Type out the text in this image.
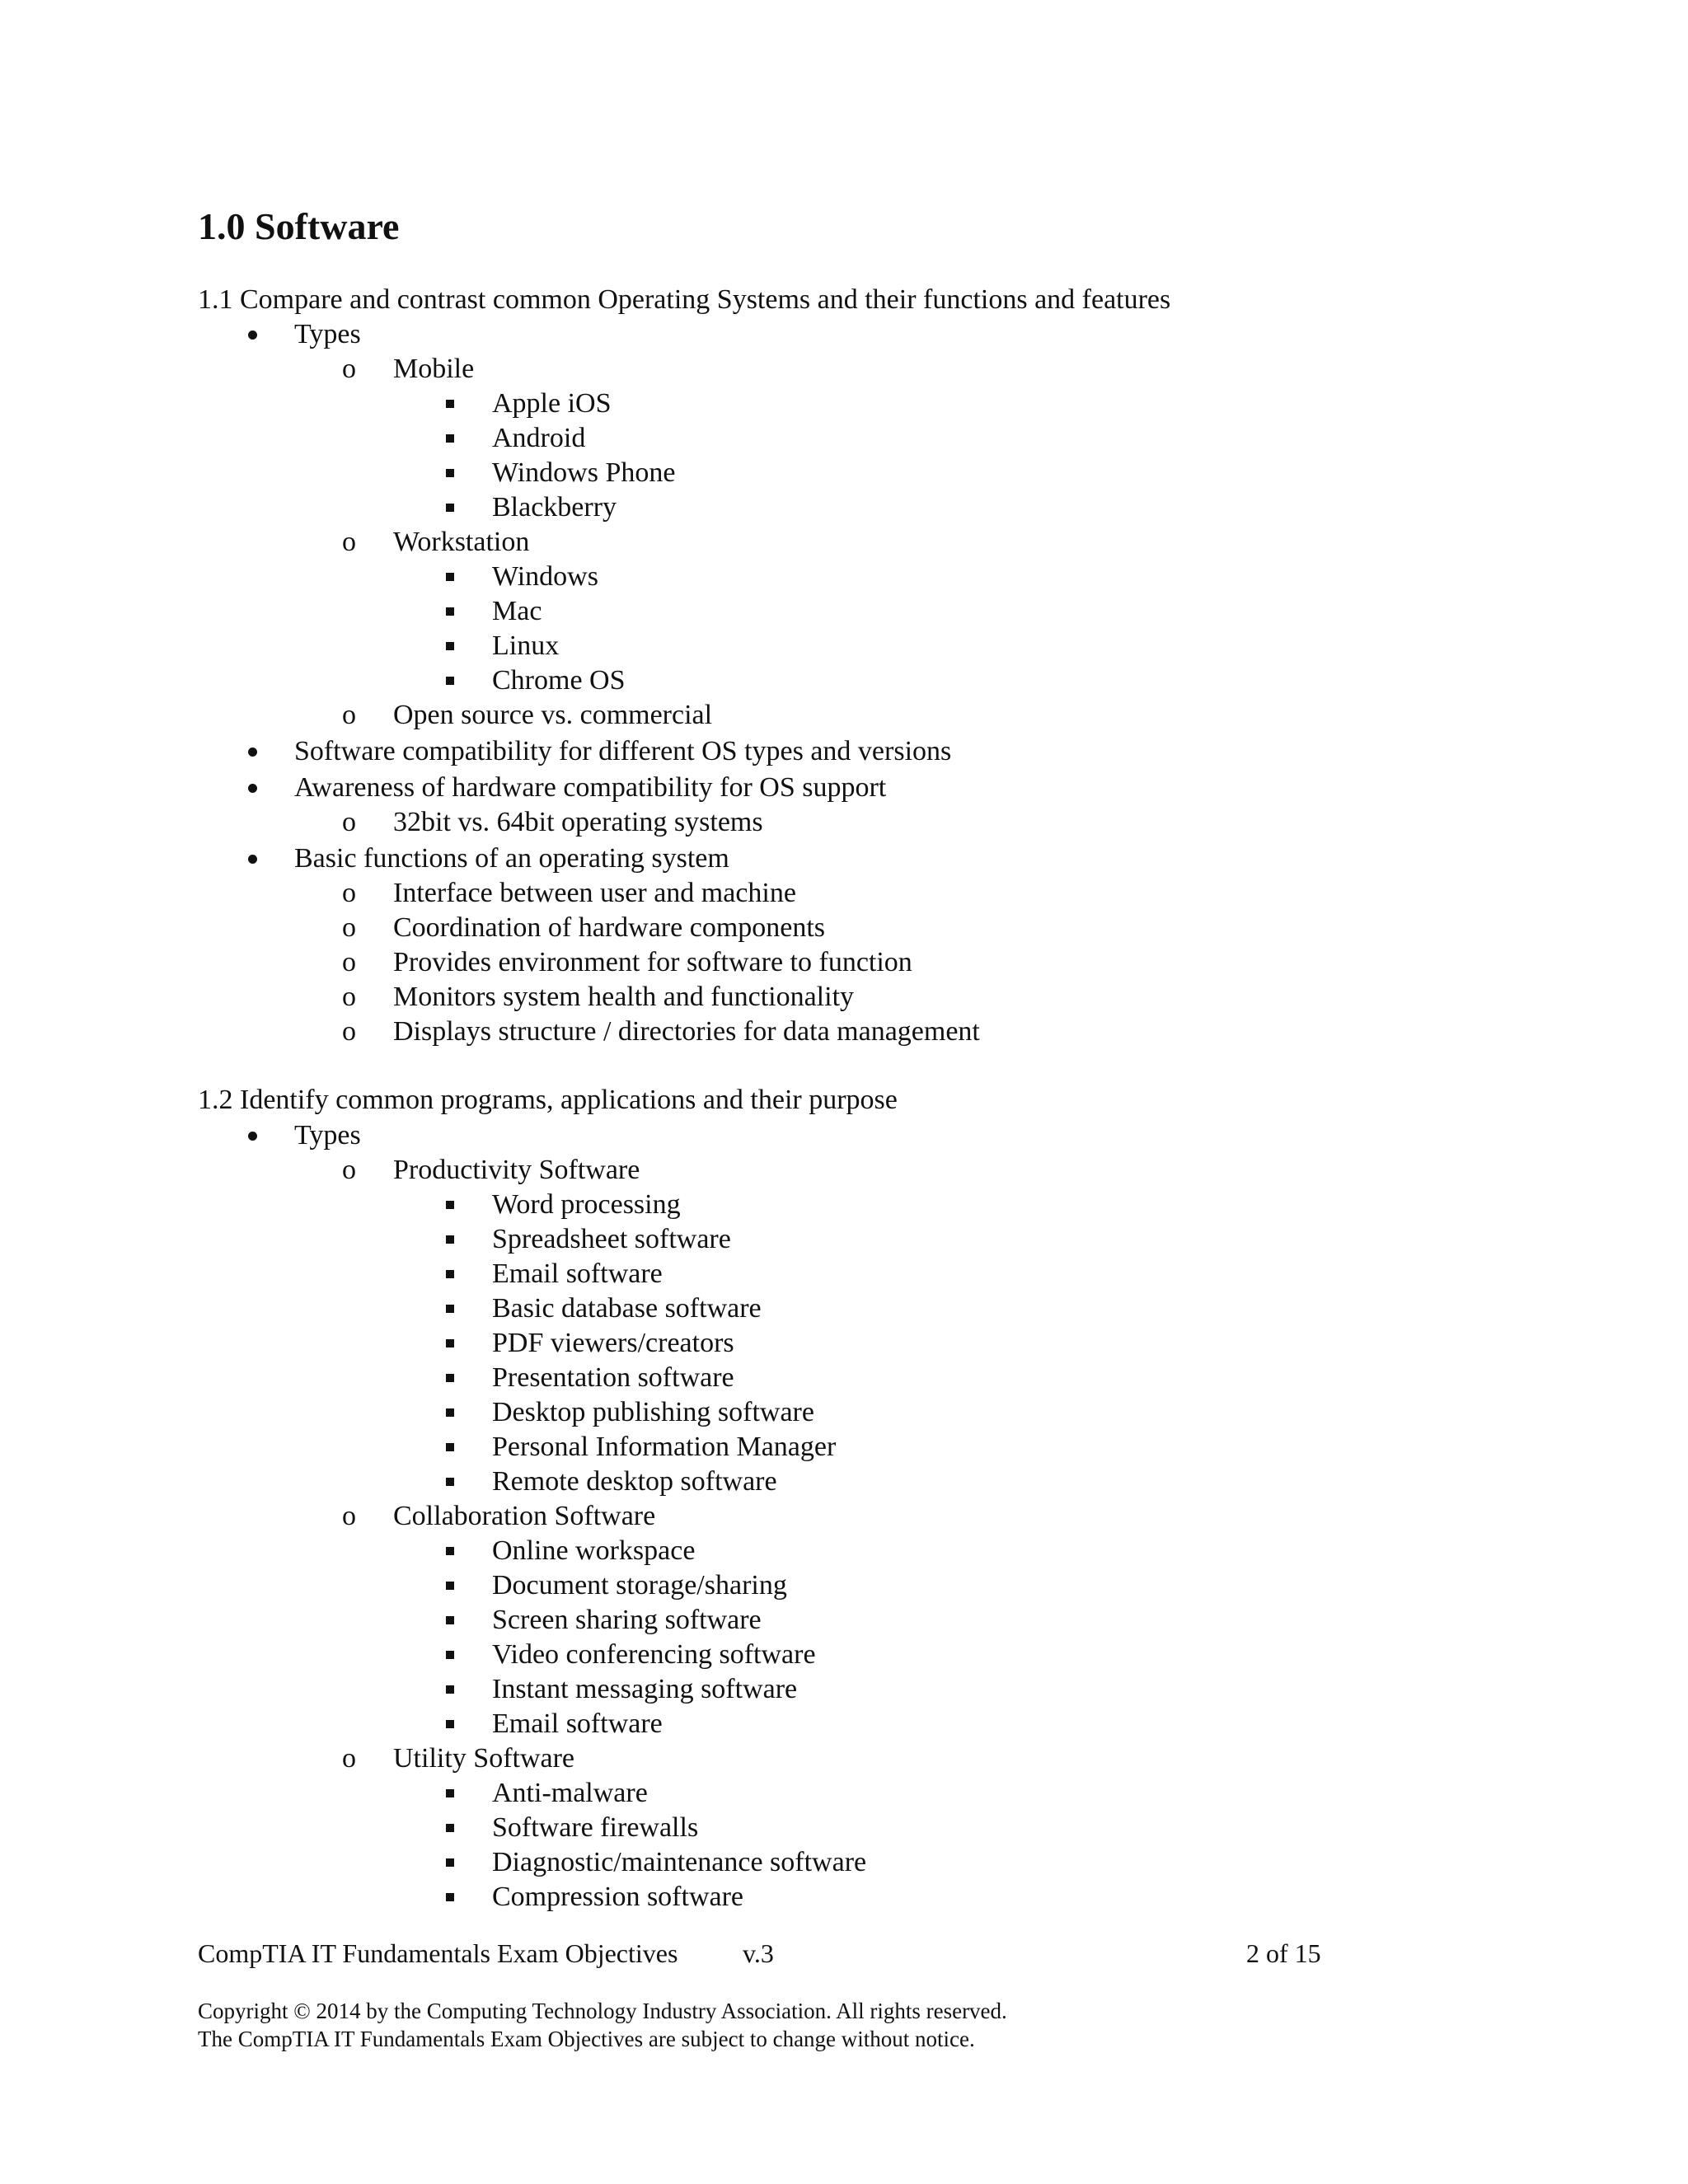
1.0 Software
1.1 Compare and contrast common Operating Systems and their functions and features
Types
o Mobile
Apple iOS
Android
Windows Phone
Blackberry
o Workstation
Windows
Mac
Linux
Chrome OS
o Open source vs. commercial
Software compatibility for different OS types and versions
Awareness of hardware compatibility for OS support
o 32bit vs. 64bit operating systems
Basic functions of an operating system
o Interface between user and machine
o Coordination of hardware components
o Provides environment for software to function
o Monitors system health and functionality
o Displays structure / directories for data management
1.2 Identify common programs, applications and their purpose
Types
o Productivity Software
Word processing
Spreadsheet software
Email software
Basic database software
PDF viewers/creators
Presentation software
Desktop publishing software
Personal Information Manager
Remote desktop software
o Collaboration Software
Online workspace
Document storage/sharing
Screen sharing software
Video conferencing software
Instant messaging software
Email software
o Utility Software
Anti-malware
Software firewalls
Diagnostic/maintenance software
Compression software
CompTIA IT Fundamentals Exam Objectives v.3	2 of 15
Copyright © 2014 by the Computing Technology Industry Association. All rights reserved.
The CompTIA IT Fundamentals Exam Objectives are subject to change without notice.
